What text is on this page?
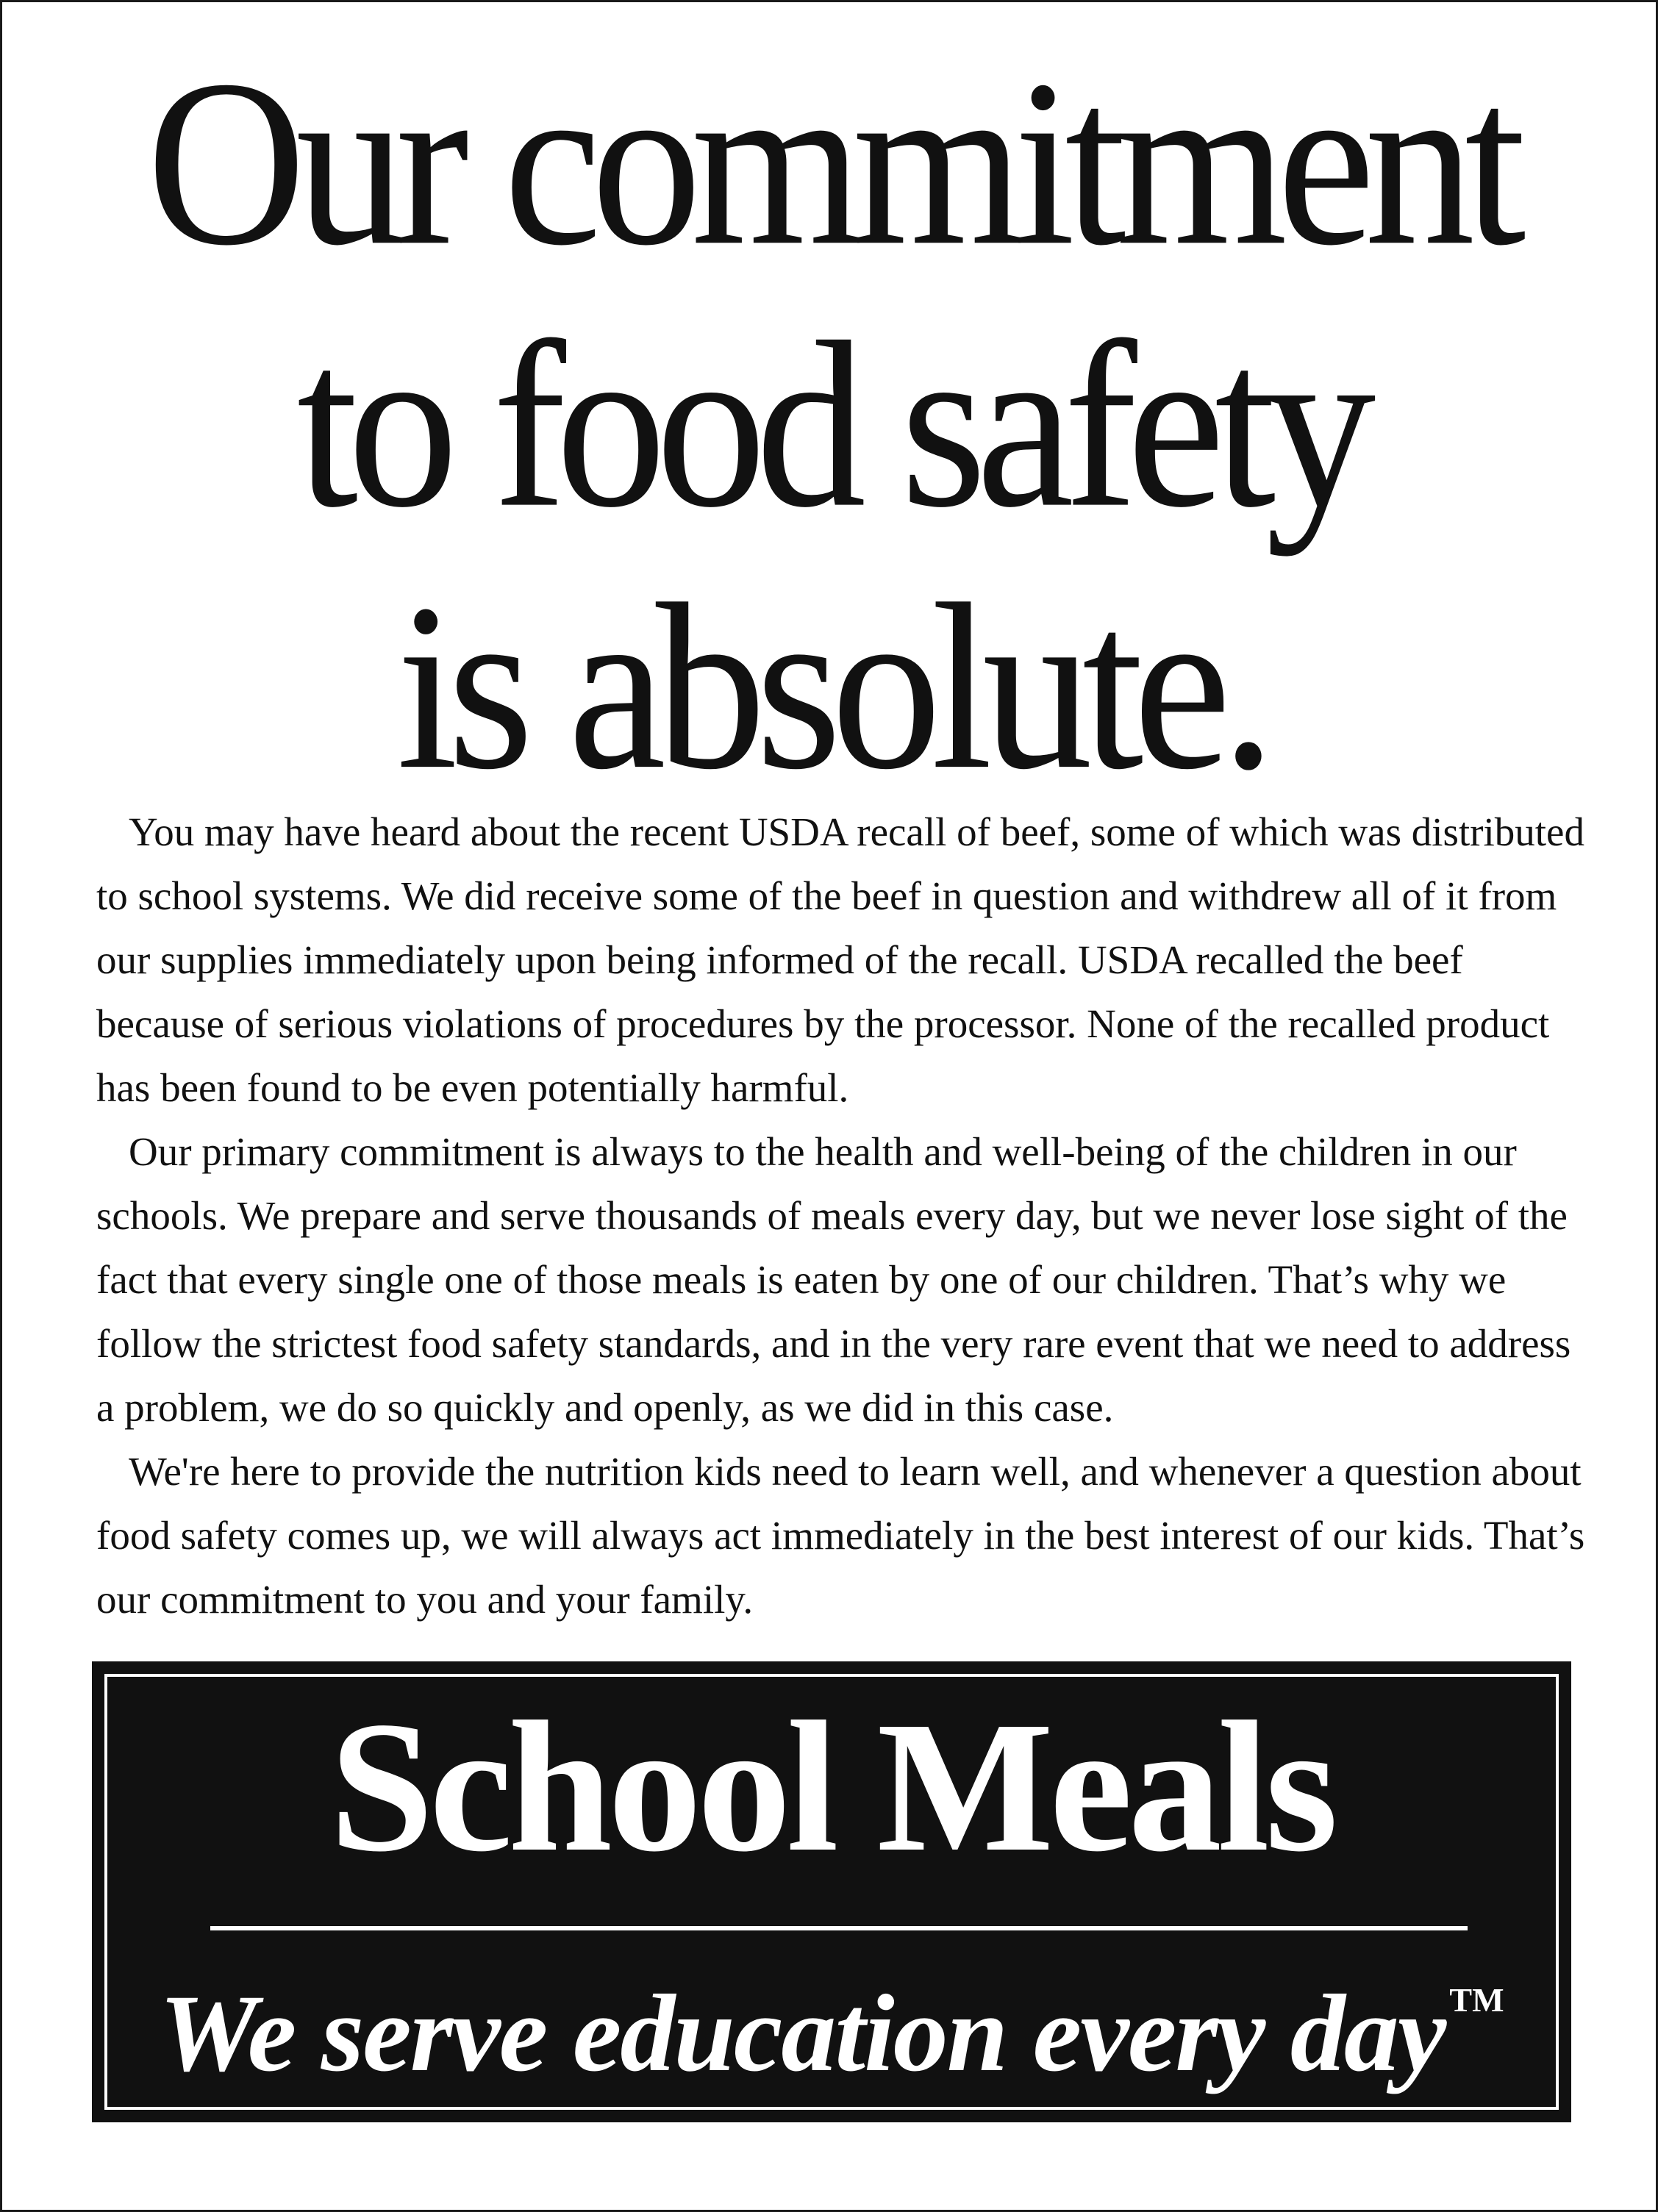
Our commitment
to food safety
is absolute.

You may have heard about the recent USDA recall of beef, some of which was distributed to school systems. We did receive some of the beef in question and withdrew all of it from our supplies immediately upon being informed of the recall. USDA recalled the beef because of serious violations of procedures by the processor. None of the recalled product has been found to be even potentially harmful.

Our primary commitment is always to the health and well-being of the children in our schools. We prepare and serve thousands of meals every day, but we never lose sight of the fact that every single one of those meals is eaten by one of our children. That’s why we follow the strictest food safety standards, and in the very rare event that we need to address a problem, we do so quickly and openly, as we did in this case.

We're here to provide the nutrition kids need to learn well, and whenever a question about food safety comes up, we will always act immediately in the best interest of our kids. That’s our commitment to you and your family.

School Meals
We serve education every day ™
